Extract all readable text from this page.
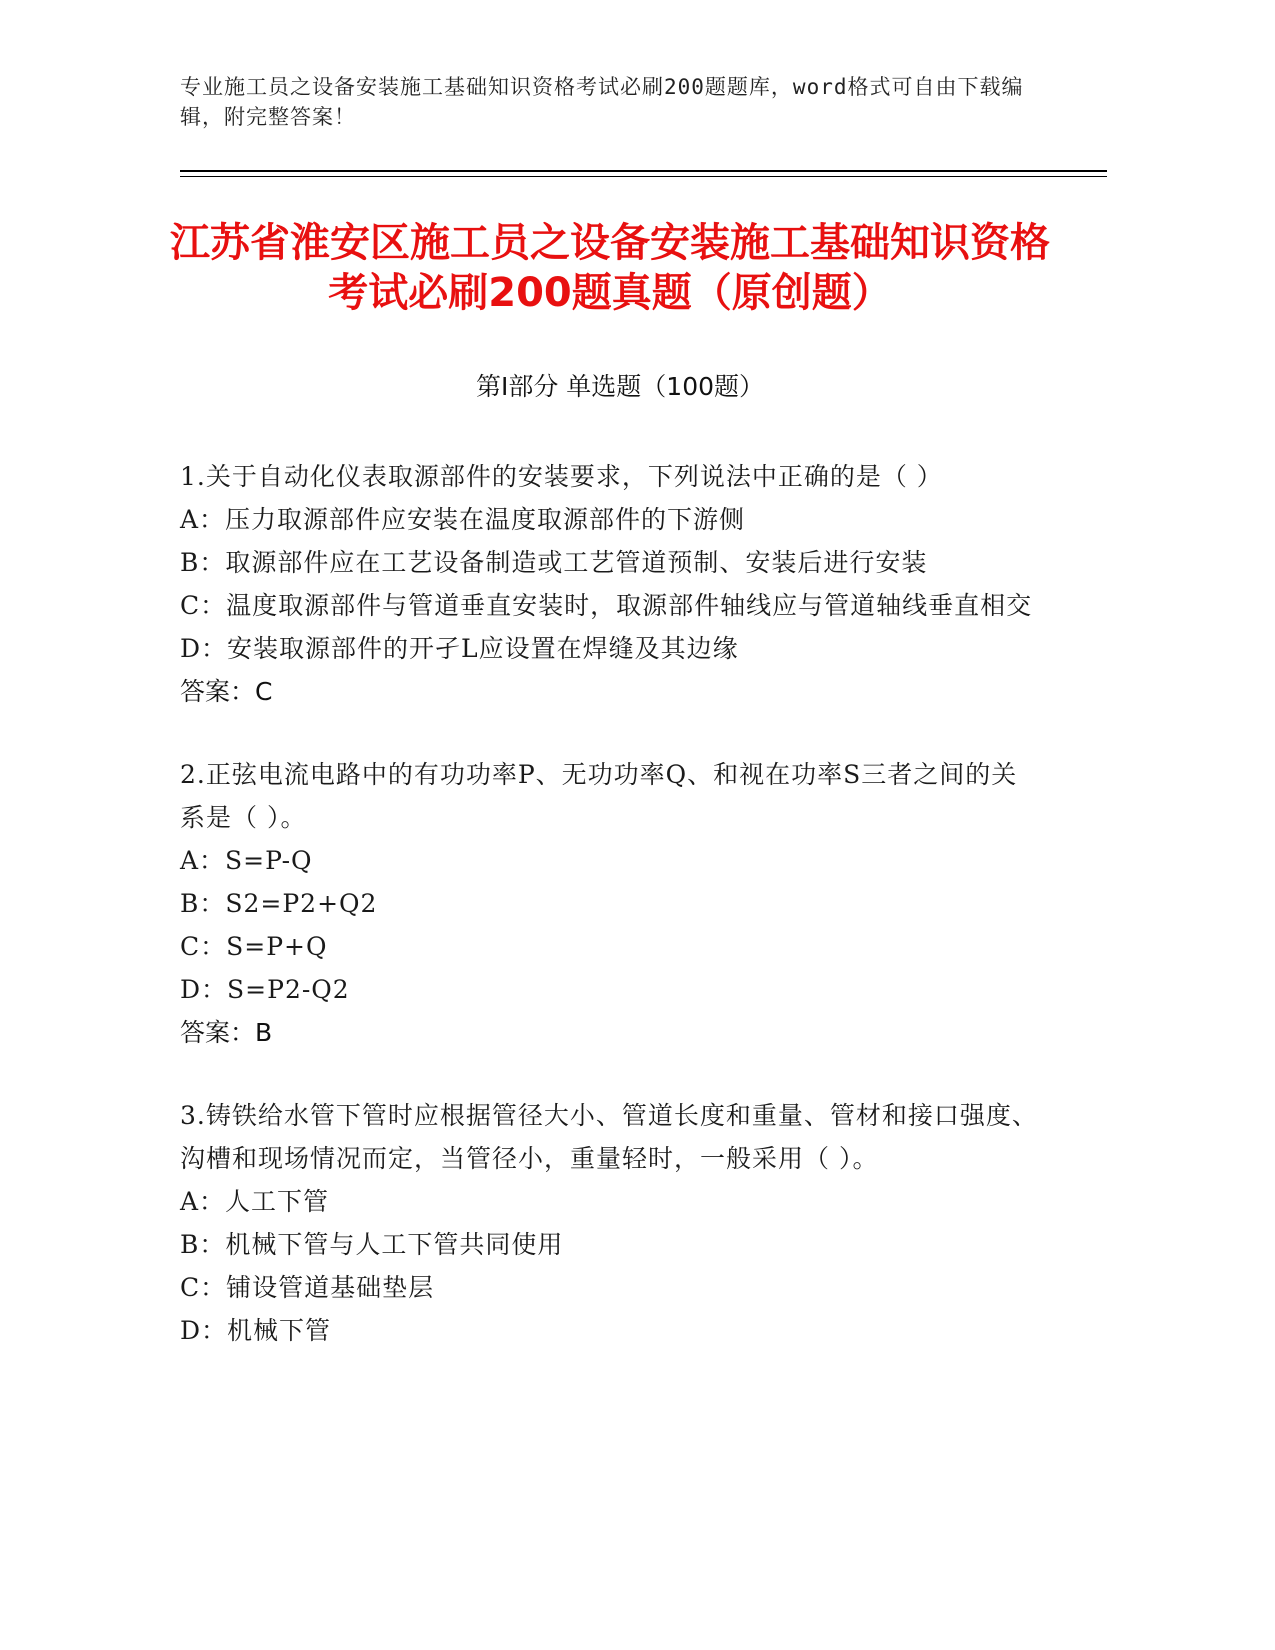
专业施工员之设备安装施工基础知识资格考试必刷200题题库，word格式可自由下载编辑，附完整答案！
江苏省淮安区施工员之设备安装施工基础知识资格考试必刷200题真题（原创题）
第Ⅰ部分 单选题（100题）
1.关于自动化仪表取源部件的安装要求，下列说法中正确的是（ ）
A：压力取源部件应安装在温度取源部件的下游侧
B：取源部件应在工艺设备制造或工艺管道预制、安装后进行安装
C：温度取源部件与管道垂直安装时，取源部件轴线应与管道轴线垂直相交
D：安装取源部件的开孑L应设置在焊缝及其边缘
答案：C
2.正弦电流电路中的有功功率P、无功功率Q、和视在功率S三者之间的关系是（ ）。
A：S=P-Q
B：S2=P2+Q2
C：S=P+Q
D：S=P2-Q2
答案：B
3.铸铁给水管下管时应根据管径大小、管道长度和重量、管材和接口强度、沟槽和现场情况而定，当管径小，重量轻时，一般采用（ ）。
A：人工下管
B：机械下管与人工下管共同使用
C：铺设管道基础垫层
D：机械下管
